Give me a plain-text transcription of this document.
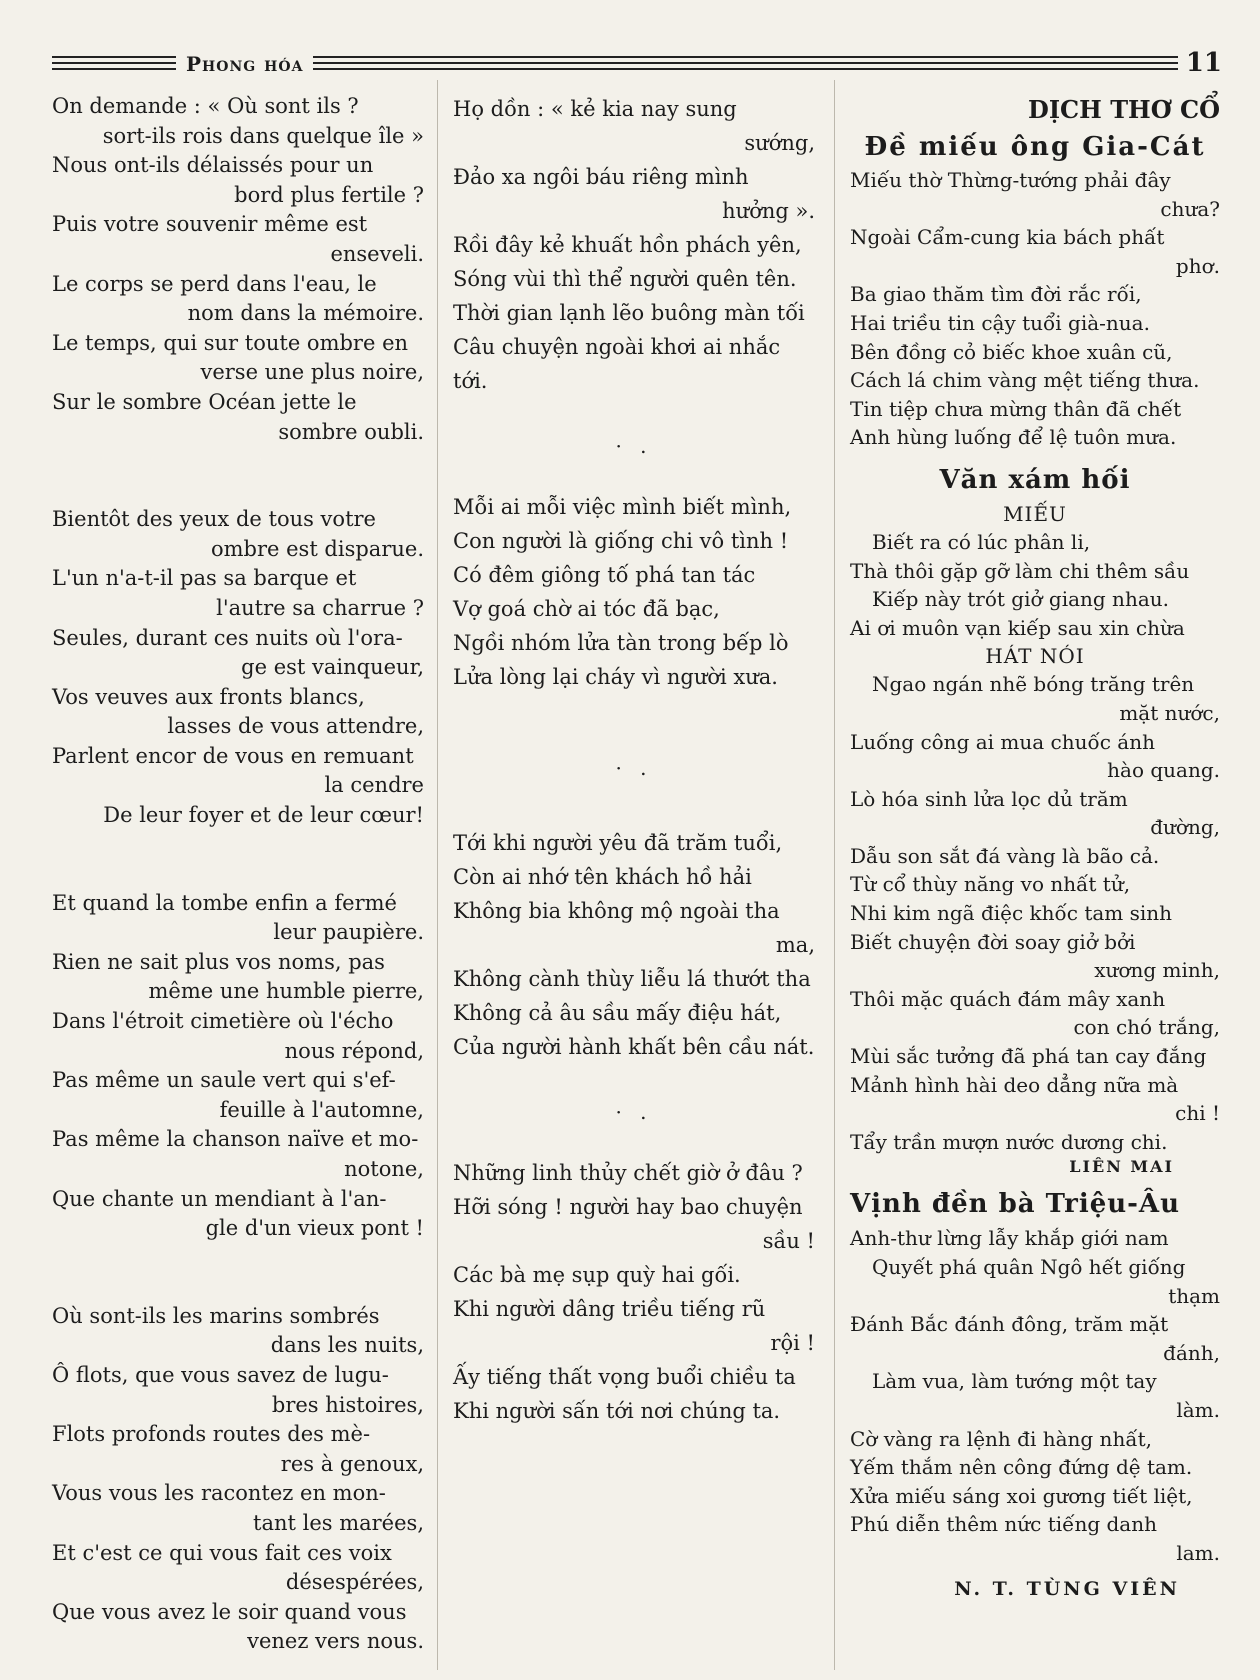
Phong hóa	11
On demande : « Où sont ils ?
sort-ils rois dans quelque île »
Nous ont-ils délaissés pour un
bord plus fertile ?
Puis votre souvenir même est
enseveli.
Le corps se perd dans l'eau, le
nom dans la mémoire.
Le temps, qui sur toute ombre en
verse une plus noire,
Sur le sombre Océan jette le
sombre oubli.
Bientôt des yeux de tous votre
ombre est disparue.
L'un n'a-t-il pas sa barque et
l'autre sa charrue ?
Seules, durant ces nuits où l'ora-
ge est vainqueur,
Vos veuves aux fronts blancs,
lasses de vous attendre,
Parlent encor de vous en remuant
la cendre
De leur foyer et de leur cœur!
Et quand la tombe enfin a fermé
leur paupière.
Rien ne sait plus vos noms, pas
même une humble pierre,
Dans l'étroit cimetière où l'écho
nous répond,
Pas même un saule vert qui s'ef-
feuille à l'automne,
Pas même la chanson naïve et mo-
notone,
Que chante un mendiant à l'an-
gle d'un vieux pont !
Où sont-ils les marins sombrés
dans les nuits,
Ô flots, que vous savez de lugu-
bres histoires,
Flots profonds routes des mè-
res à genoux,
Vous vous les racontez en mon-
tant les marées,
Et c'est ce qui vous fait ces voix
désespérées,
Que vous avez le soir quand vous
venez vers nous.
Họ dồn : « kẻ kia nay sung
sướng,
Đảo xa ngôi báu riêng mình
hưởng ».
Rồi đây kẻ khuất hồn phách yên,
Sóng vùi thì thể người quên tên.
Thời gian lạnh lẽo buông màn tối
Câu chuyện ngoài khơi ai nhắc tới.
· .
Mỗi ai mỗi việc mình biết mình,
Con người là giống chi vô tình !
Có đêm giông tố phá tan tác
Vợ goá chờ ai tóc đã bạc,
Ngồi nhóm lửa tàn trong bếp lò
Lửa lòng lại cháy vì người xưa.
· .
Tới khi người yêu đã trăm tuổi,
Còn ai nhớ tên khách hồ hải
Không bia không mộ ngoài tha
ma,
Không cành thùy liễu lá thướt tha
Không cả âu sầu mấy điệu hát,
Của người hành khất bên cầu nát.
· .
Những linh thủy chết giờ ở đâu ?
Hỡi sóng ! người hay bao chuyện
sầu !
Các bà mẹ sụp quỳ hai gối.
Khi người dâng triều tiếng rũ
rội !
Ấy tiếng thất vọng buổi chiều ta
Khi người sấn tới nơi chúng ta.
DỊCH THƠ CỔ
Đề miếu ông Gia-Cát
Miếu thờ Thừng-tướng phải đây
chưa?
Ngoài Cẩm-cung kia bách phất
phơ.
Ba giao thăm tìm đời rắc rối,
Hai triều tin cậy tuổi già-nua.
Bên đồng cỏ biếc khoe xuân cũ,
Cách lá chim vàng mệt tiếng thưa.
Tin tiệp chưa mừng thân đã chết
Anh hùng luống để lệ tuôn mưa.
Văn xám hối
MIẾU
Biết ra có lúc phân li,
Thà thôi gặp gỡ làm chi thêm sầu
Kiếp này trót giở giang nhau.
Ai ơi muôn vạn kiếp sau xin chừa
HÁT NÓI
Ngao ngán nhẽ bóng trăng trên
mặt nước,
Luống công ai mua chuốc ánh
hào quang.
Lò hóa sinh lửa lọc dủ trăm
đường,
Dẫu son sắt đá vàng là bão cả.
Từ cổ thùy năng vo nhất tử,
Nhi kim ngã điệc khốc tam sinh
Biết chuyện đời soay giở bởi
xương minh,
Thôi mặc quách đám mây xanh
con chó trắng,
Mùi sắc tưởng đã phá tan cay đắng
Mảnh hình hài deo dẳng nữa mà
chi !
Tẩy trần mượn nước dương chi.
LIÊN MAI
Vịnh đền bà Triệu-Âu
Anh-thư lừng lẫy khắp giới nam
Quyết phá quân Ngô hết giống
thạm
Đánh Bắc đánh đông, trăm mặt
đánh,
Làm vua, làm tướng một tay
làm.
Cờ vàng ra lệnh đi hàng nhất,
Yếm thắm nên công đứng dệ tam.
Xửa miếu sáng xoi gương tiết liệt,
Phú diễn thêm nức tiếng danh
lam.
N. T. TÙNG VIÊN
